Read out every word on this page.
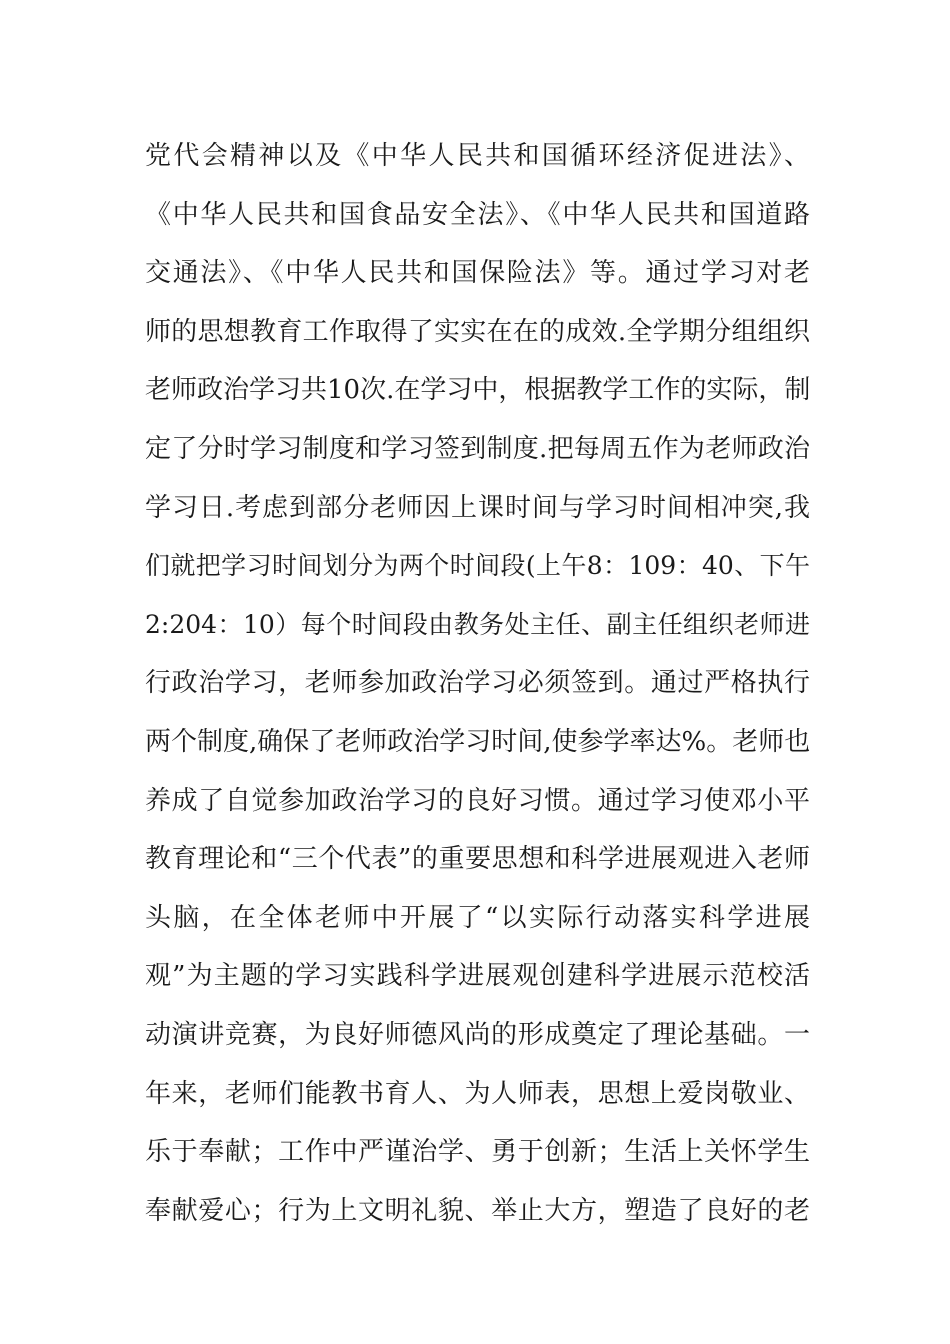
党代会精神以及《中华人民共和国循环经济促进法》、
《中华人民共和国食品安全法》、《中华人民共和国道路
交通法》、《中华人民共和国保险法》等。通过学习对老
师的思想教育工作取得了实实在在的成效.全学期分组组织
老师政治学习共10次.在学习中，根据教学工作的实际，制
定了分时学习制度和学习签到制度.把每周五作为老师政治
学习日.考虑到部分老师因上课时间与学习时间相冲突,我
们就把学习时间划分为两个时间段(上午8：109：40、下午
2:204：10）每个时间段由教务处主任、副主任组织老师进
行政治学习，老师参加政治学习必须签到。通过严格执行
两个制度,确保了老师政治学习时间,使参学率达%。老师也
养成了自觉参加政治学习的良好习惯。通过学习使邓小平
教育理论和“三个代表”的重要思想和科学进展观进入老师
头脑，在全体老师中开展了“以实际行动落实科学进展
观”为主题的学习实践科学进展观创建科学进展示范校活
动演讲竞赛，为良好师德风尚的形成奠定了理论基础。一
年来，老师们能教书育人、为人师表，思想上爱岗敬业、
乐于奉献；工作中严谨治学、勇于创新；生活上关怀学生
奉献爱心；行为上文明礼貌、举止大方，塑造了良好的老
